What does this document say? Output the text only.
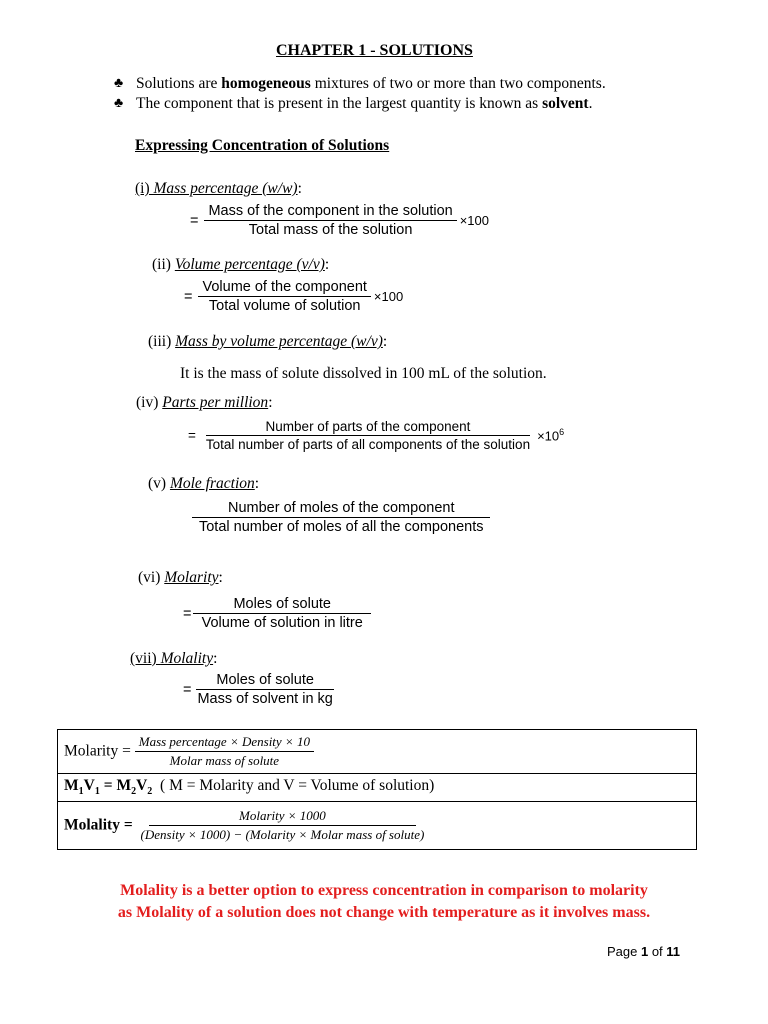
CHAPTER 1 - SOLUTIONS
♣ Solutions are homogeneous mixtures of two or more than two components.
♣ The component that is present in the largest quantity is known as solvent.
Expressing Concentration of Solutions
(i) Mass percentage (w/w):
= $\frac{\text{Mass of the component in the solution}}{\text{Total mass of the solution}} \times 100$
(ii) Volume percentage (v/v):
= $\frac{\text{Volume of the component}}{\text{Total volume of solution}} \times 100$
(iii) Mass by volume percentage (w/v):
It is the mass of solute dissolved in 100 mL of the solution.
(iv) Parts per million:
= $\frac{\text{Number of parts of the component}}{\text{Total number of parts of all components of the solution}} \times 10^6$
(v) Mole fraction:
$\frac{\text{Number of moles of the component}}{\text{Total number of moles of all the components}}$
(vi) Molarity:
= $\frac{\text{Moles of solute}}{\text{Volume of solution in litre}}$
(vii) Molality:
= $\frac{\text{Moles of solute}}{\text{Mass of solvent in kg}}$
Molarity = $\frac{\text{Mass percentage × Density × 10}}{\text{Molar mass of solute}}$

$M_1V_1 = M_2V_2$  ( M = Molarity and V = Volume of solution)
Molality = $\frac{\text{Molarity × 1000}}{\text{(Density × 1000) − (Molarity × Molar mass of solute)}}$
Molality is a better option to express concentration in comparison to molarity
as Molality of a solution does not change with temperature as it involves mass.
Page 1 of 11
